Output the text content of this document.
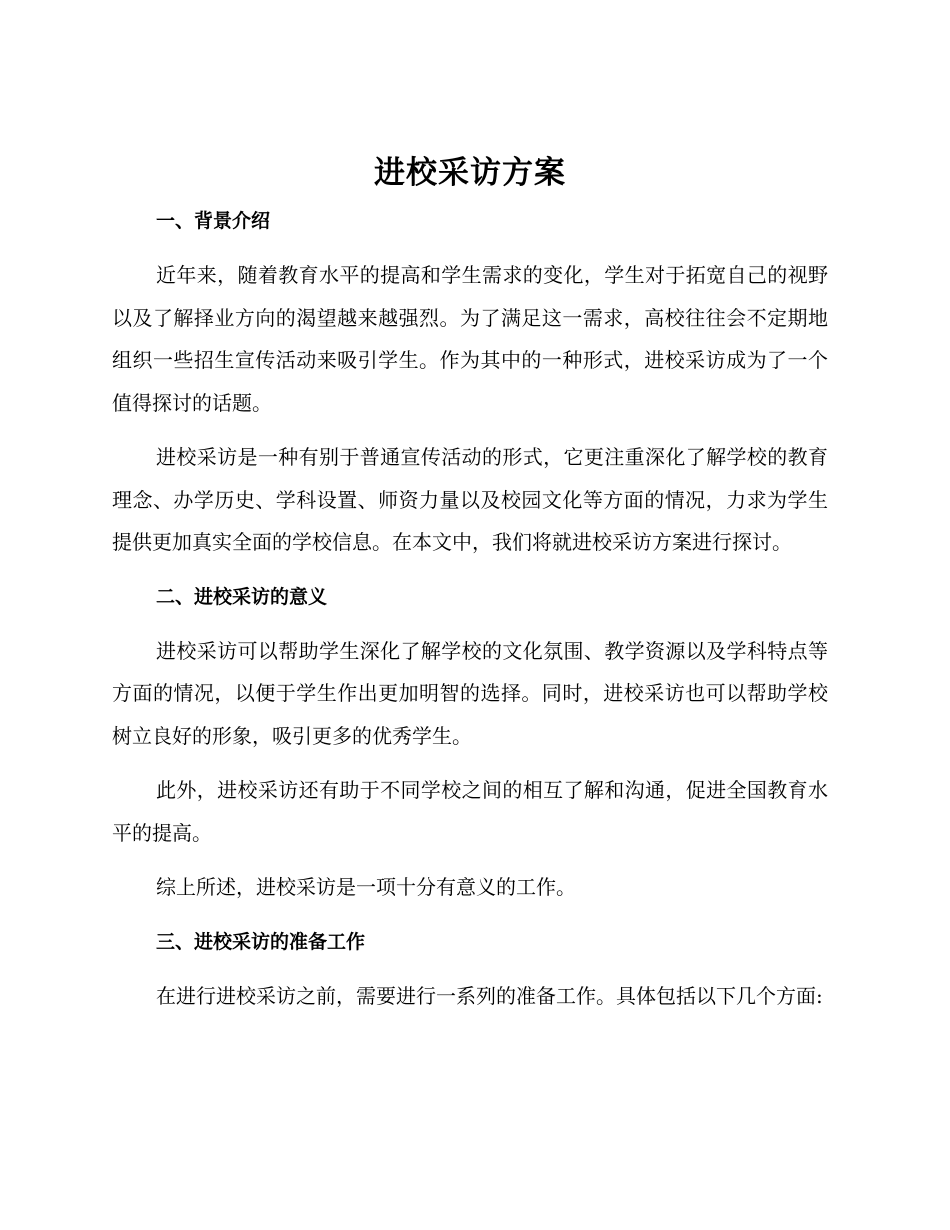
进校采访方案
一、背景介绍

近年来，随着教育水平的提高和学生需求的变化，学生对于拓宽自己的视野以及了解择业方向的渴望越来越强烈。为了满足这一需求，高校往往会不定期地组织一些招生宣传活动来吸引学生。作为其中的一种形式，进校采访成为了一个值得探讨的话题。

进校采访是一种有别于普通宣传活动的形式，它更注重深化了解学校的教育理念、办学历史、学科设置、师资力量以及校园文化等方面的情况，力求为学生提供更加真实全面的学校信息。在本文中，我们将就进校采访方案进行探讨。

二、进校采访的意义

进校采访可以帮助学生深化了解学校的文化氛围、教学资源以及学科特点等方面的情况，以便于学生作出更加明智的选择。同时，进校采访也可以帮助学校树立良好的形象，吸引更多的优秀学生。

此外，进校采访还有助于不同学校之间的相互了解和沟通，促进全国教育水平的提高。

综上所述，进校采访是一项十分有意义的工作。

三、进校采访的准备工作

在进行进校采访之前，需要进行一系列的准备工作。具体包括以下几个方面:
